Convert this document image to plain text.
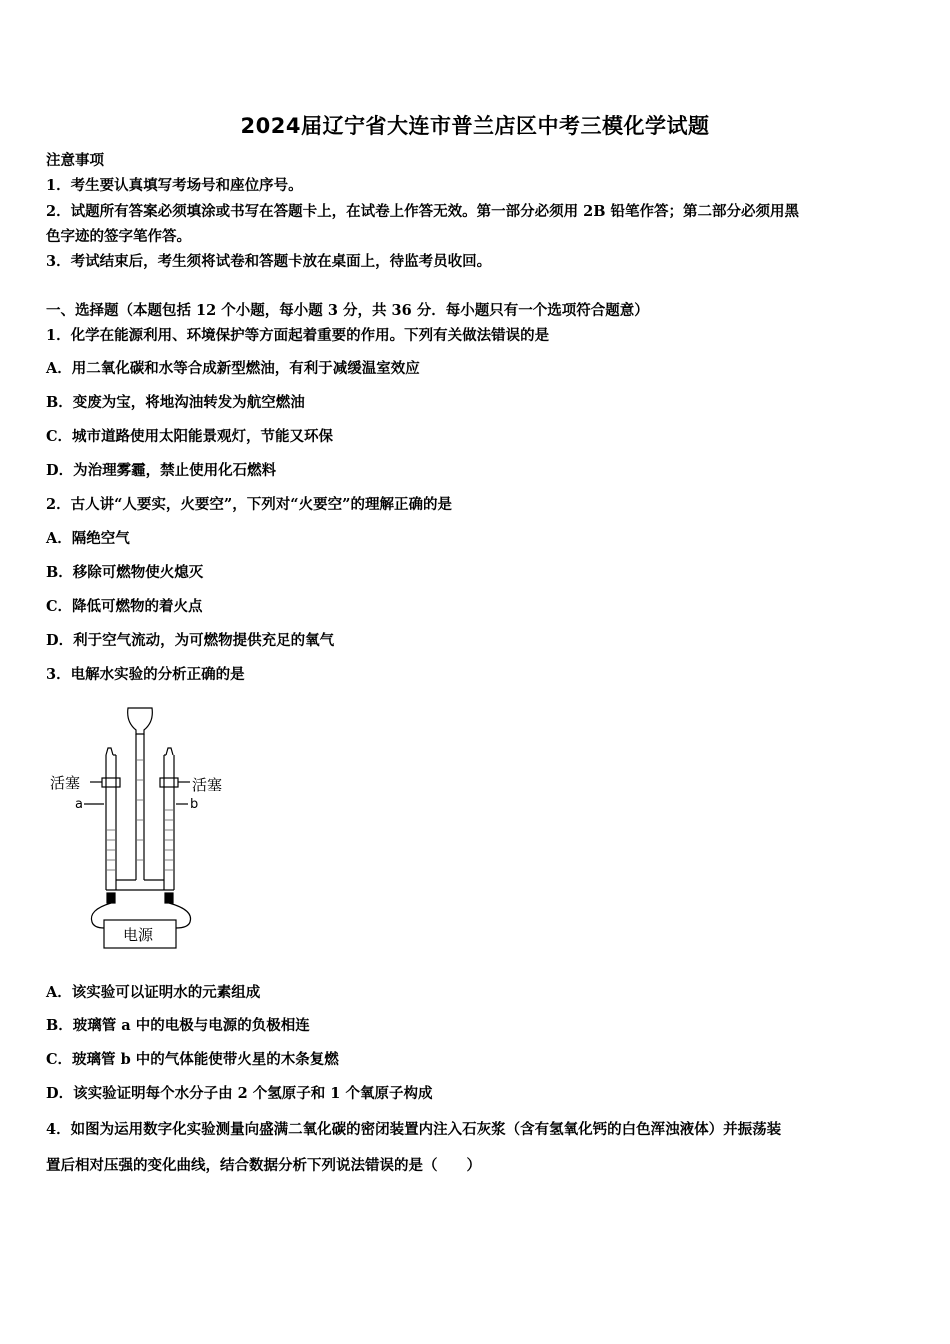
2024届辽宁省大连市普兰店区中考三模化学试题
注意事项
1．考生要认真填写考场号和座位序号。
2．试题所有答案必须填涂或书写在答题卡上，在试卷上作答无效。第一部分必须用 2B 铅笔作答；第二部分必须用黑
色字迹的签字笔作答。
3．考试结束后，考生须将试卷和答题卡放在桌面上，待监考员收回。
一、选择题（本题包括 12 个小题，每小题 3 分，共 36 分．每小题只有一个选项符合题意）
1．化学在能源利用、环境保护等方面起着重要的作用。下列有关做法错误的是
A．用二氧化碳和水等合成新型燃油，有利于减缓温室效应
B．变废为宝，将地沟油转发为航空燃油
C．城市道路使用太阳能景观灯，节能又环保
D．为治理雾霾，禁止使用化石燃料
2．古人讲“人要实，火要空”，下列对“火要空”的理解正确的是
A．隔绝空气
B．移除可燃物使火熄灭
C．降低可燃物的着火点
D．利于空气流动，为可燃物提供充足的氧气
3．电解水实验的分析正确的是
活塞	活塞
a	b
电源
A．该实验可以证明水的元素组成
B．玻璃管 a 中的电极与电源的负极相连
C．玻璃管 b 中的气体能使带火星的木条复燃
D．该实验证明每个水分子由 2 个氢原子和 1 个氧原子构成
4．如图为运用数字化实验测量向盛满二氧化碳的密闭装置内注入石灰浆（含有氢氧化钙的白色浑浊液体）并振荡装
置后相对压强的变化曲线，结合数据分析下列说法错误的是（　　）
